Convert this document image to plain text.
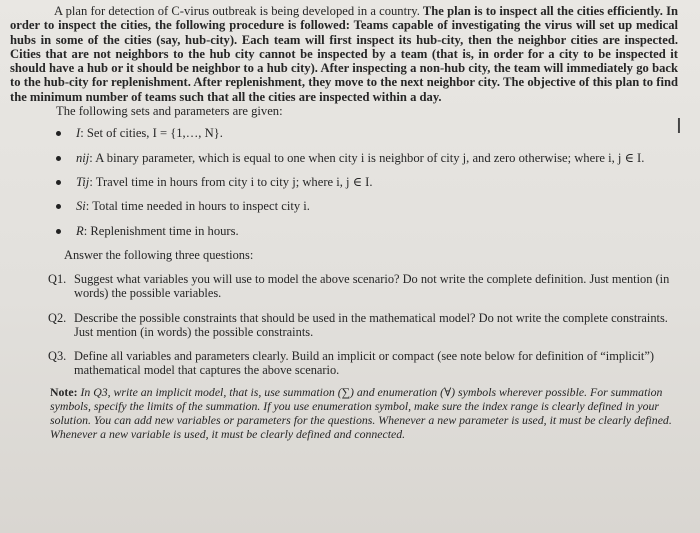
A plan for detection of C-virus outbreak is being developed in a country. The plan is to inspect all the cities efficiently. In order to inspect the cities, the following procedure is followed: Teams capable of investigating the virus will set up medical hubs in some of the cities (say, hub-city). Each team will first inspect its hub-city, then the neighbor cities are inspected. Cities that are not neighbors to the hub city cannot be inspected by a team (that is, in order for a city to be inspected it should have a hub or it should be neighbor to a hub city). After inspecting a non-hub city, the team will immediately go back to the hub-city for replenishment. After replenishment, they move to the next neighbor city. The objective of this plan to find the minimum number of teams such that all the cities are inspected within a day.

The following sets and parameters are given:

I: Set of cities, I = {1,…, N}.
nij: A binary parameter, which is equal to one when city i is neighbor of city j, and zero otherwise; where i, j ∈ I.
Tij: Travel time in hours from city i to city j; where i, j ∈ I.
Si: Total time needed in hours to inspect city i.
R: Replenishment time in hours.

Answer the following three questions:

Q1. Suggest what variables you will use to model the above scenario? Do not write the complete definition. Just mention (in words) the possible variables.
Q2. Describe the possible constraints that should be used in the mathematical model? Do not write the complete constraints. Just mention (in words) the possible constraints.
Q3. Define all variables and parameters clearly. Build an implicit or compact (see note below for definition of “implicit”) mathematical model that captures the above scenario.

Note: In Q3, write an implicit model, that is, use summation (∑) and enumeration (∀) symbols wherever possible. For summation symbols, specify the limits of the summation. If you use enumeration symbol, make sure the index range is clearly defined in your solution. You can add new variables or parameters for the questions. Whenever a new parameter is used, it must be clearly defined. Whenever a new variable is used, it must be clearly defined and connected.

I
